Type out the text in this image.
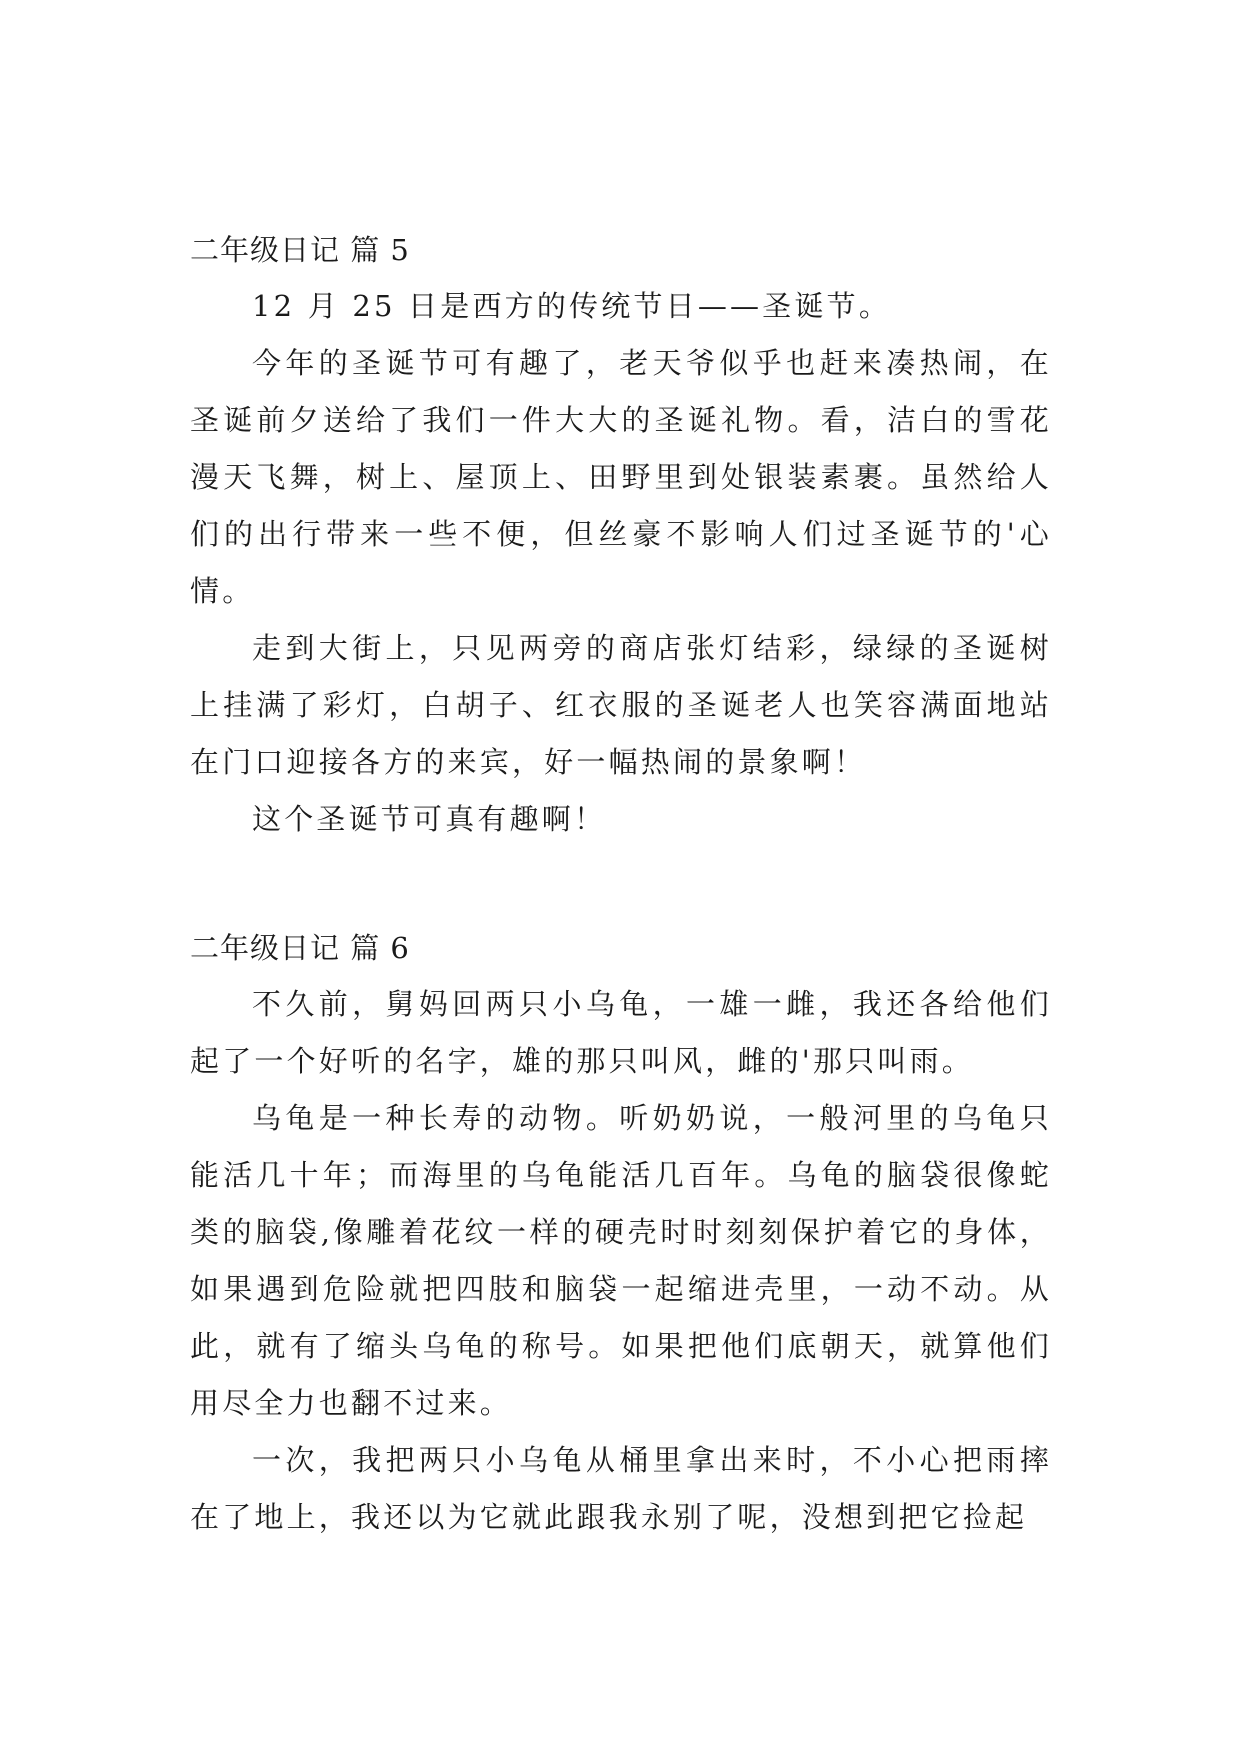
二年级日记 篇 5

12 月 25 日是西方的传统节日——圣诞节。

今年的圣诞节可有趣了，老天爷似乎也赶来凑热闹，在圣诞前夕送给了我们一件大大的圣诞礼物。看，洁白的雪花漫天飞舞，树上、屋顶上、田野里到处银装素裹。虽然给人们的出行带来一些不便，但丝豪不影响人们过圣诞节的'心情。

走到大街上，只见两旁的商店张灯结彩，绿绿的圣诞树上挂满了彩灯，白胡子、红衣服的圣诞老人也笑容满面地站在门口迎接各方的来宾，好一幅热闹的景象啊！

这个圣诞节可真有趣啊！

二年级日记 篇 6

不久前，舅妈回两只小乌龟，一雄一雌，我还各给他们起了一个好听的名字，雄的那只叫风，雌的'那只叫雨。

乌龟是一种长寿的动物。听奶奶说，一般河里的乌龟只能活几十年；而海里的乌龟能活几百年。乌龟的脑袋很像蛇类的脑袋,像雕着花纹一样的硬壳时时刻刻保护着它的身体，如果遇到危险就把四肢和脑袋一起缩进壳里，一动不动。从此，就有了缩头乌龟的称号。如果把他们底朝天，就算他们用尽全力也翻不过来。

一次，我把两只小乌龟从桶里拿出来时，不小心把雨摔在了地上，我还以为它就此跟我永别了呢，没想到把它捡起
